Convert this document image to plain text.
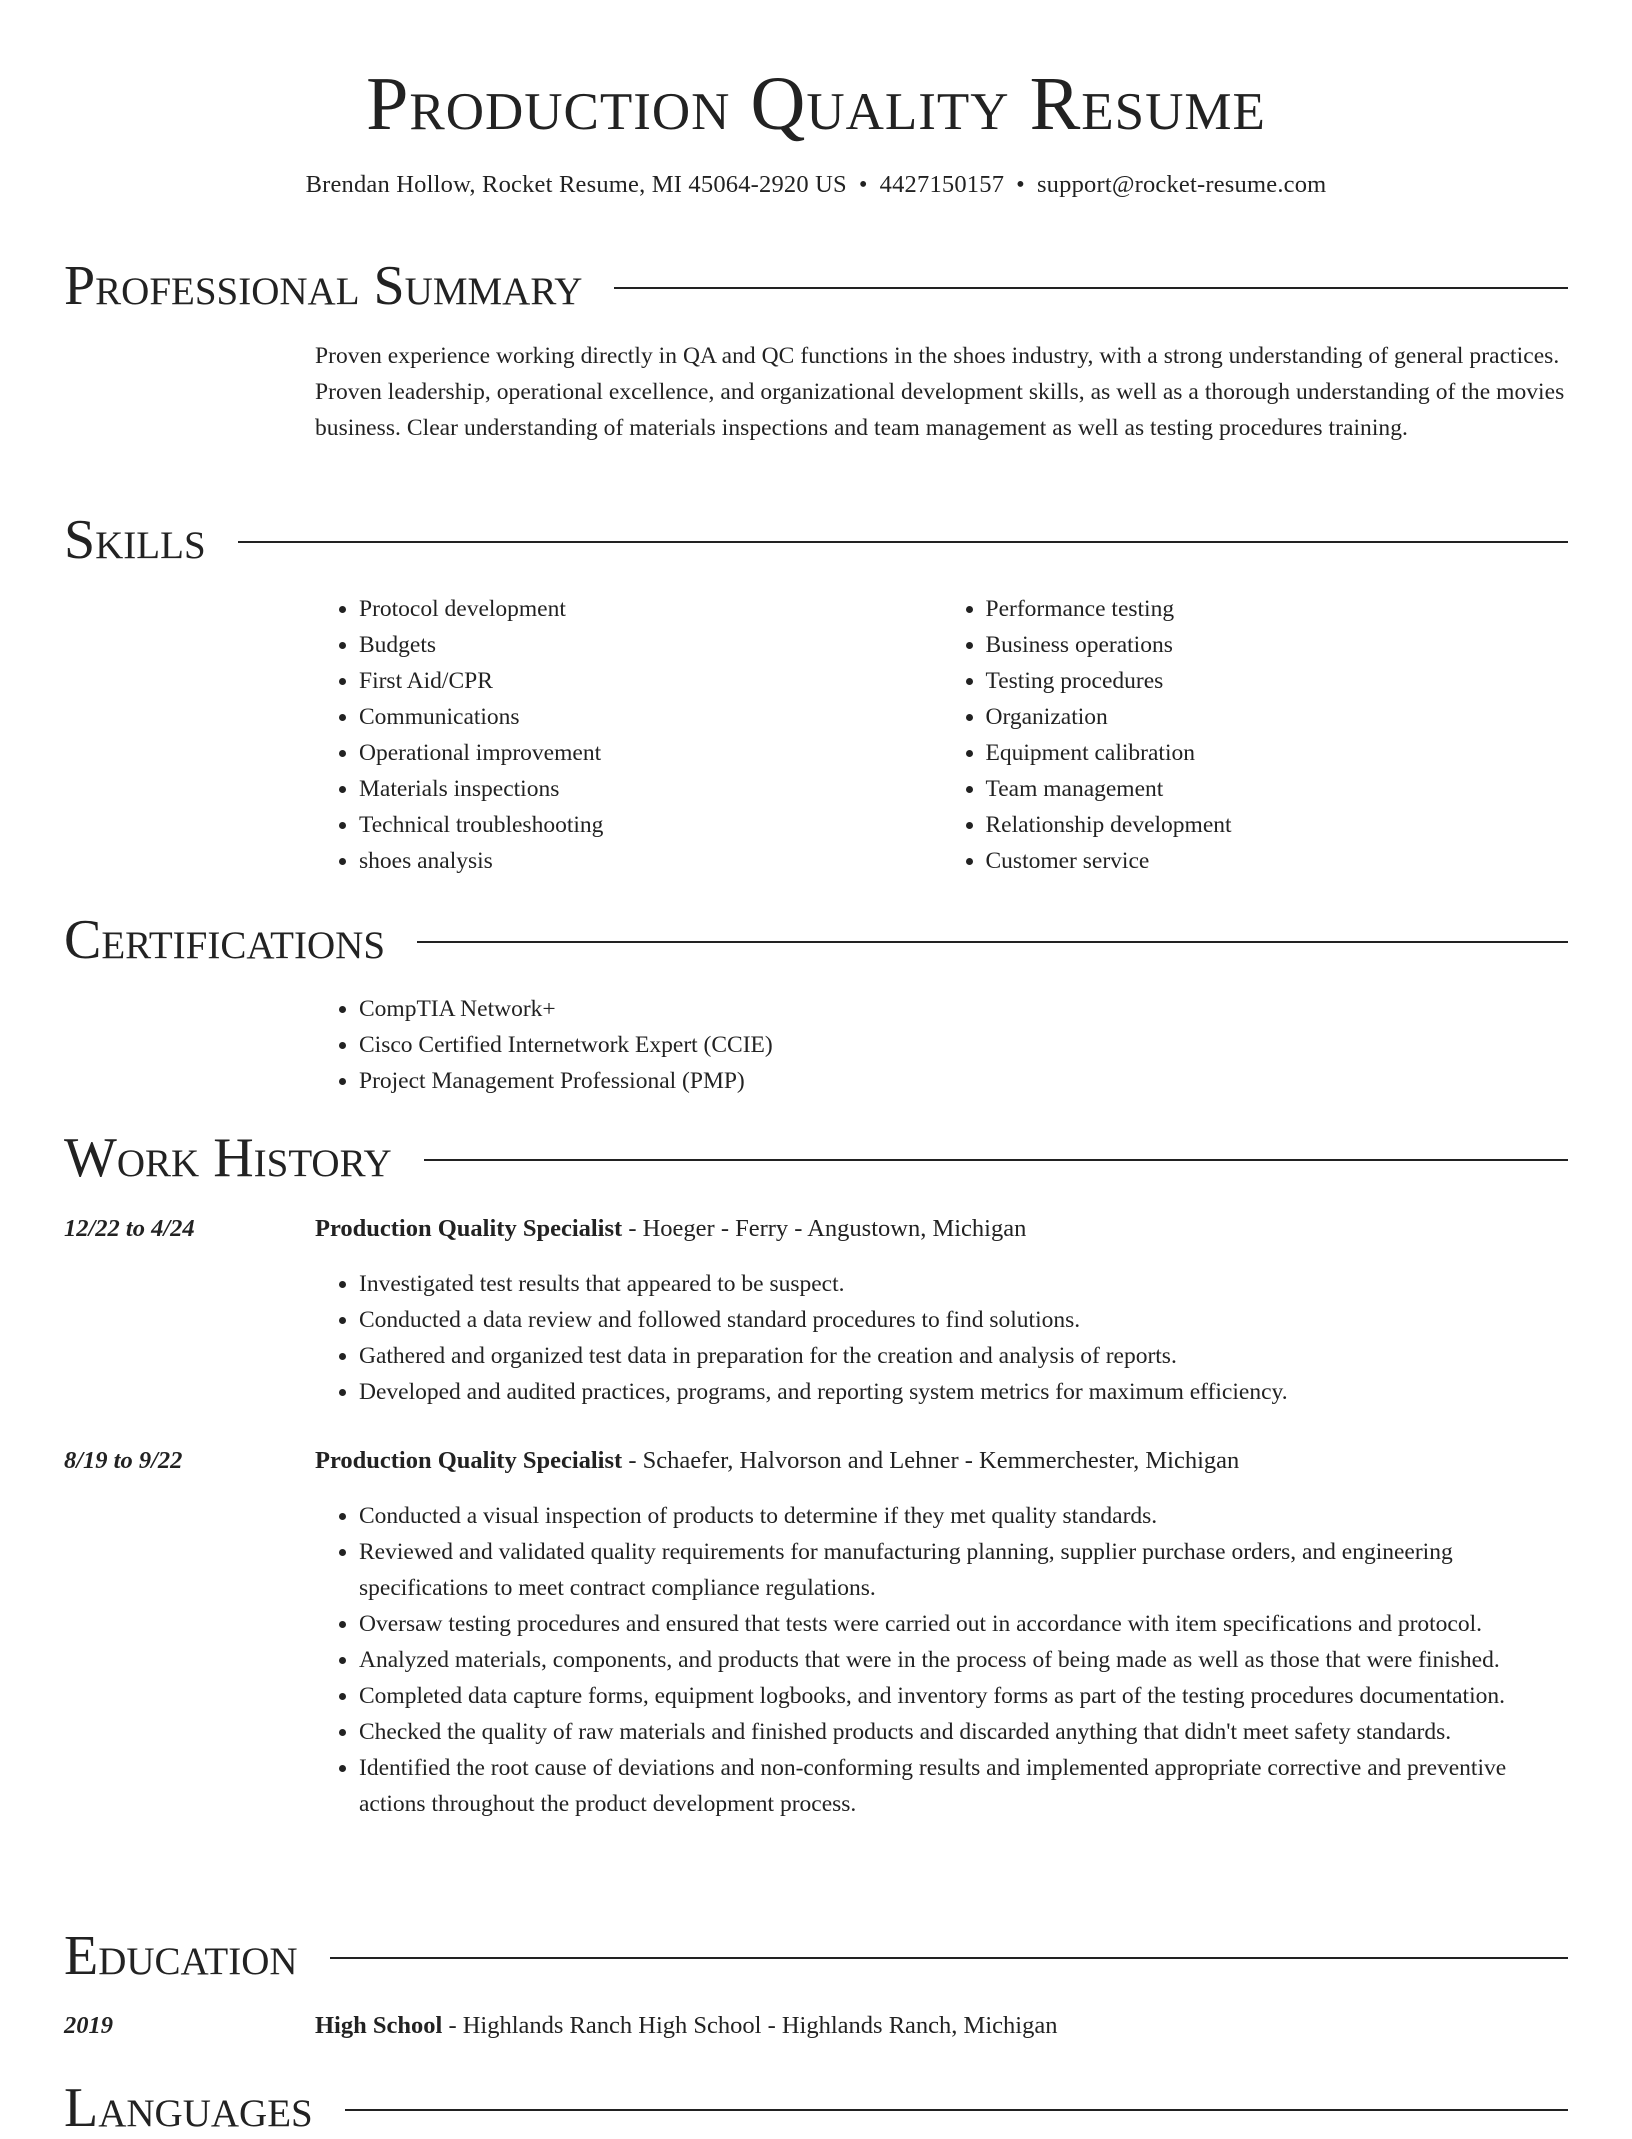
Production Quality Resume
Brendan Hollow, Rocket Resume, MI 45064-2920 US • 4427150157 • support@rocket-resume.com
Professional Summary
Proven experience working directly in QA and QC functions in the shoes industry, with a strong understanding of general practices. Proven leadership, operational excellence, and organizational development skills, as well as a thorough understanding of the movies business. Clear understanding of materials inspections and team management as well as testing procedures training.
Skills
• Protocol development
• Budgets
• First Aid/CPR
• Communications
• Operational improvement
• Materials inspections
• Technical troubleshooting
• shoes analysis
• Performance testing
• Business operations
• Testing procedures
• Organization
• Equipment calibration
• Team management
• Relationship development
• Customer service
Certifications
• CompTIA Network+
• Cisco Certified Internetwork Expert (CCIE)
• Project Management Professional (PMP)
Work History
12/22 to 4/24	Production Quality Specialist - Hoeger - Ferry - Angustown, Michigan
• Investigated test results that appeared to be suspect.
• Conducted a data review and followed standard procedures to find solutions.
• Gathered and organized test data in preparation for the creation and analysis of reports.
• Developed and audited practices, programs, and reporting system metrics for maximum efficiency.
8/19 to 9/22	Production Quality Specialist - Schaefer, Halvorson and Lehner - Kemmerchester, Michigan
• Conducted a visual inspection of products to determine if they met quality standards.
• Reviewed and validated quality requirements for manufacturing planning, supplier purchase orders, and engineering specifications to meet contract compliance regulations.
• Oversaw testing procedures and ensured that tests were carried out in accordance with item specifications and protocol.
• Analyzed materials, components, and products that were in the process of being made as well as those that were finished.
• Completed data capture forms, equipment logbooks, and inventory forms as part of the testing procedures documentation.
• Checked the quality of raw materials and finished products and discarded anything that didn't meet safety standards.
• Identified the root cause of deviations and non-conforming results and implemented appropriate corrective and preventive actions throughout the product development process.
Education
2019	High School - Highlands Ranch High School - Highlands Ranch, Michigan
Languages
